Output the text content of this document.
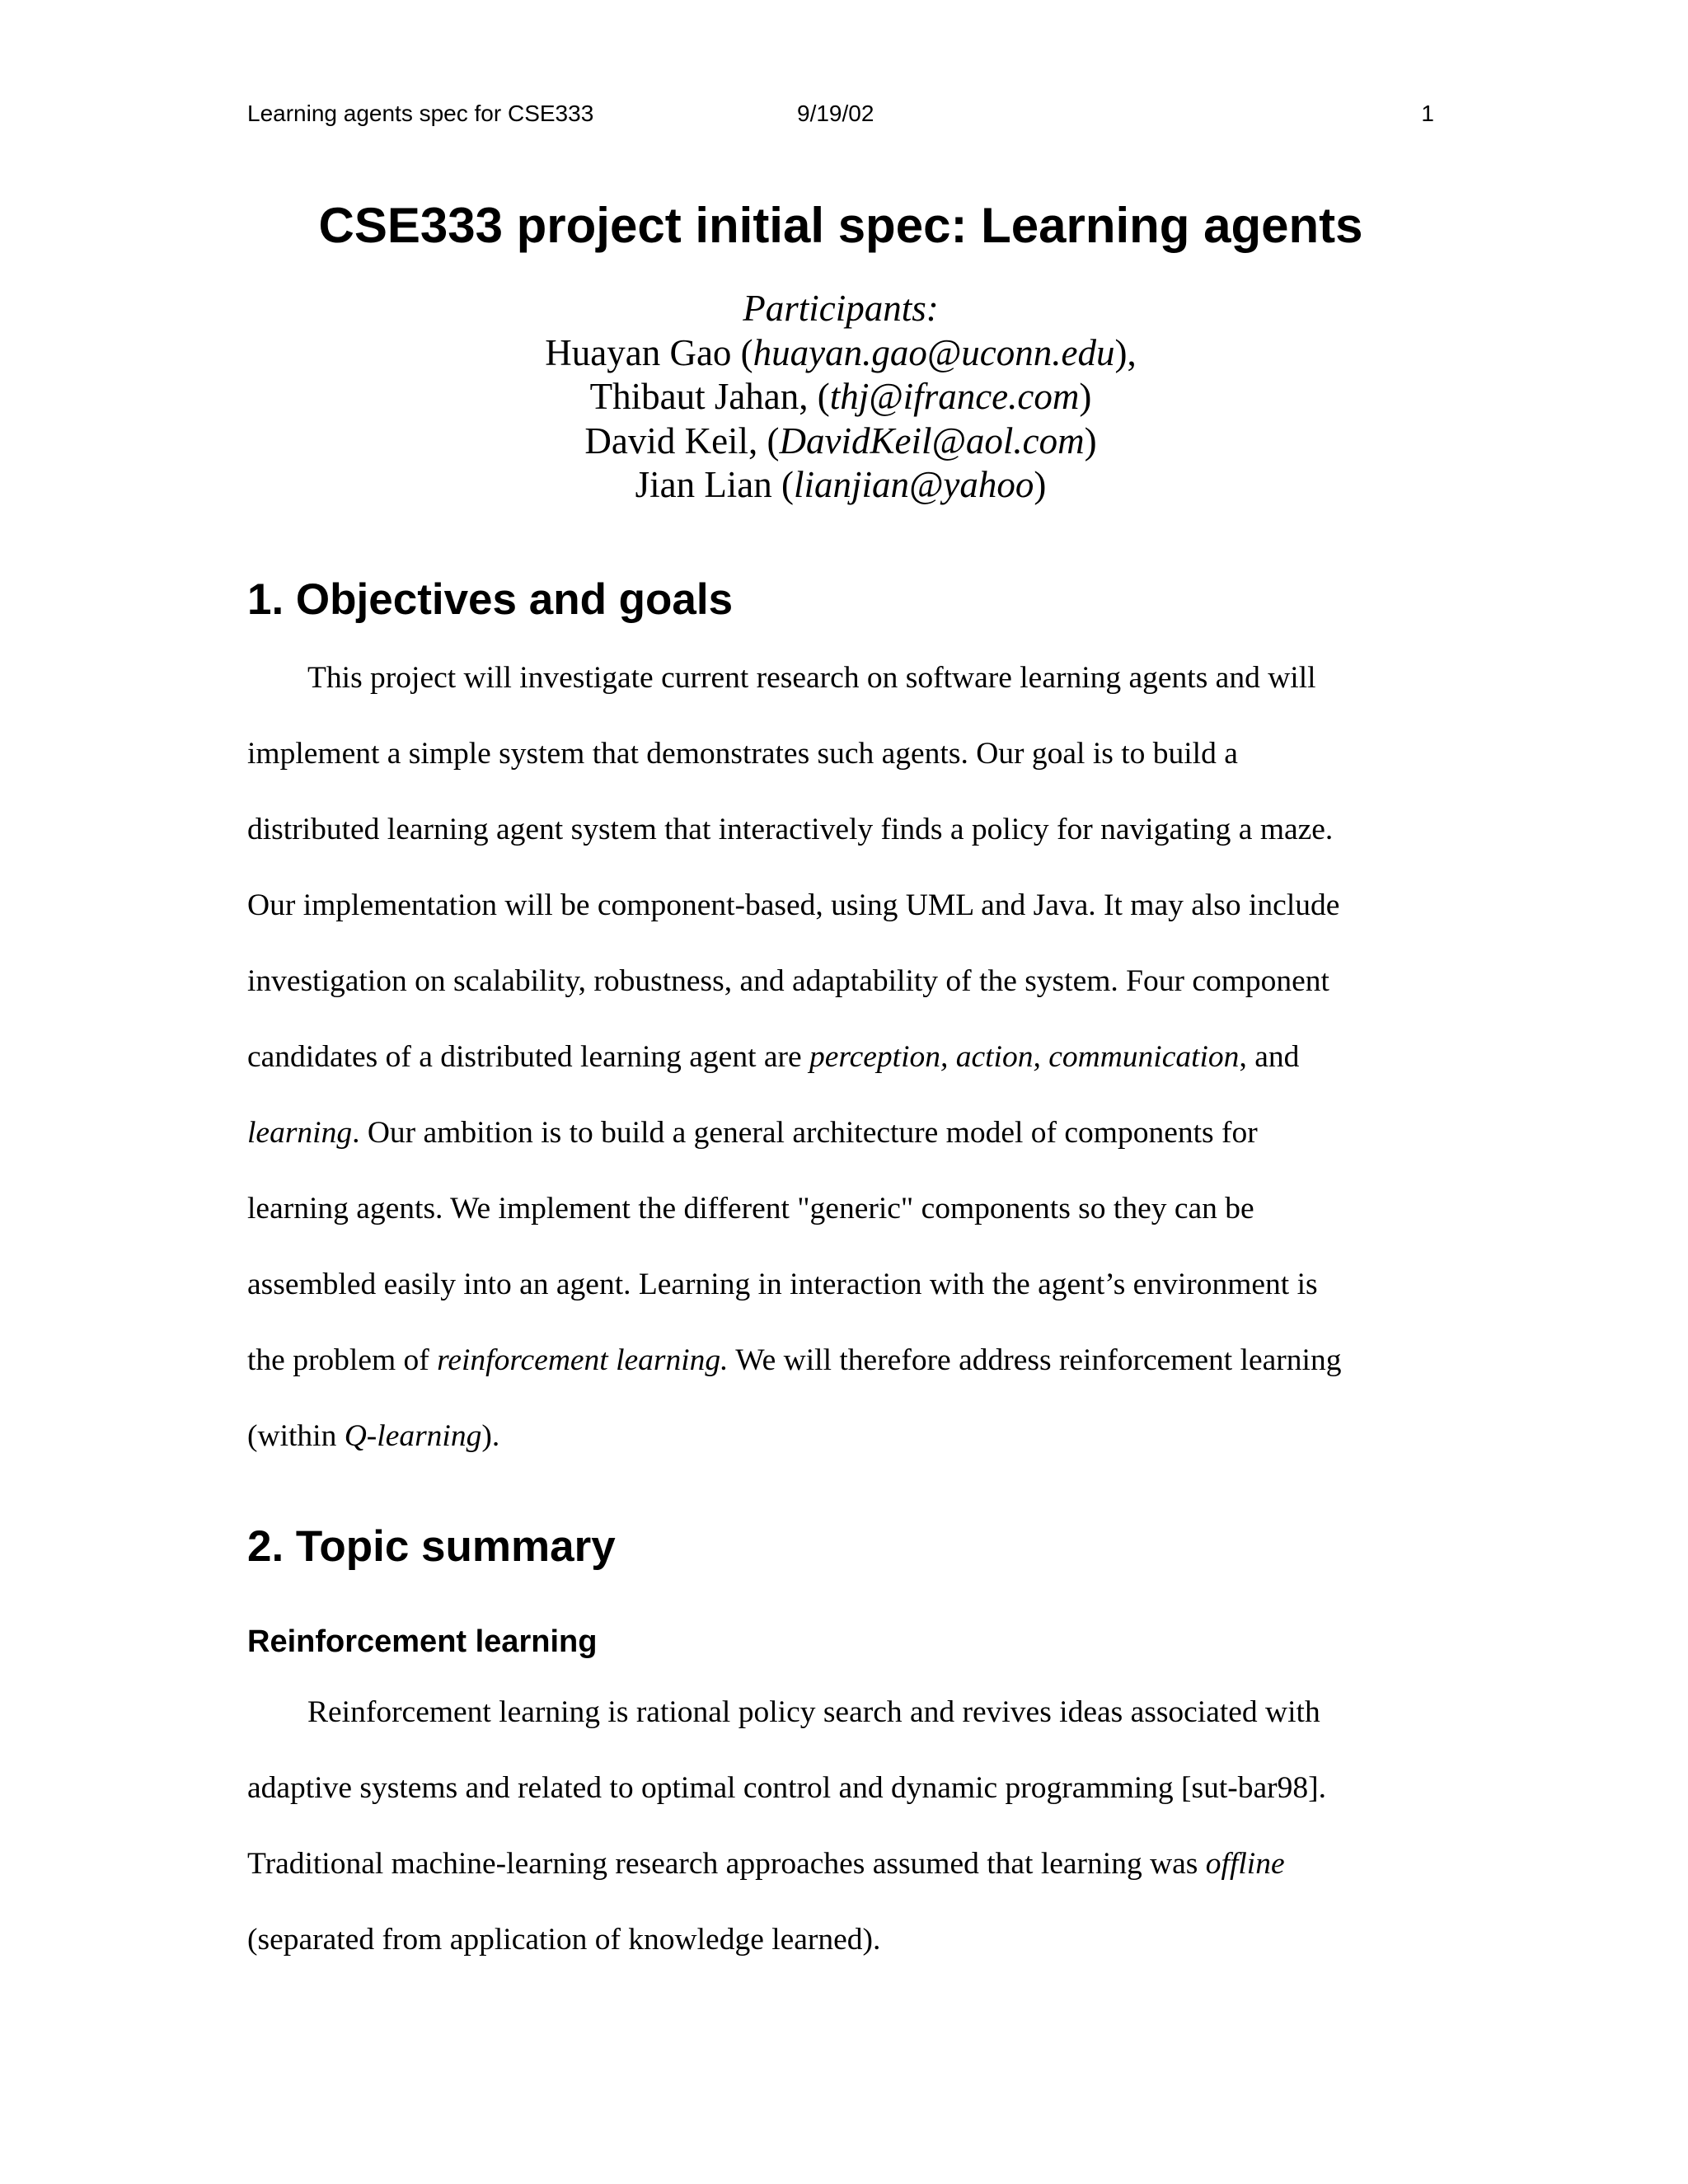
Learning agents spec for CSE333	9/19/02	1
CSE333 project initial spec: Learning agents
Participants:
Huayan Gao (huayan.gao@uconn.edu),
Thibaut Jahan, (thj@ifrance.com)
David Keil, (DavidKeil@aol.com)
Jian Lian (lianjian@yahoo)
1. Objectives and goals
This project will investigate current research on software learning agents and will
implement a simple system that demonstrates such agents. Our goal is to build a
distributed learning agent system that interactively finds a policy for navigating a maze.
Our implementation will be component-based, using UML and Java. It may also include
investigation on scalability, robustness, and adaptability of the system. Four component
candidates of a distributed learning agent are perception, action, communication, and
learning. Our ambition is to build a general architecture model of components for
learning agents. We implement the different "generic" components so they can be
assembled easily into an agent. Learning in interaction with the agent’s environment is
the problem of reinforcement learning. We will therefore address reinforcement learning
(within Q-learning).
2. Topic summary
Reinforcement learning
Reinforcement learning is rational policy search and revives ideas associated with
adaptive systems and related to optimal control and dynamic programming [sut-bar98].
Traditional machine-learning research approaches assumed that learning was offline
(separated from application of knowledge learned).
